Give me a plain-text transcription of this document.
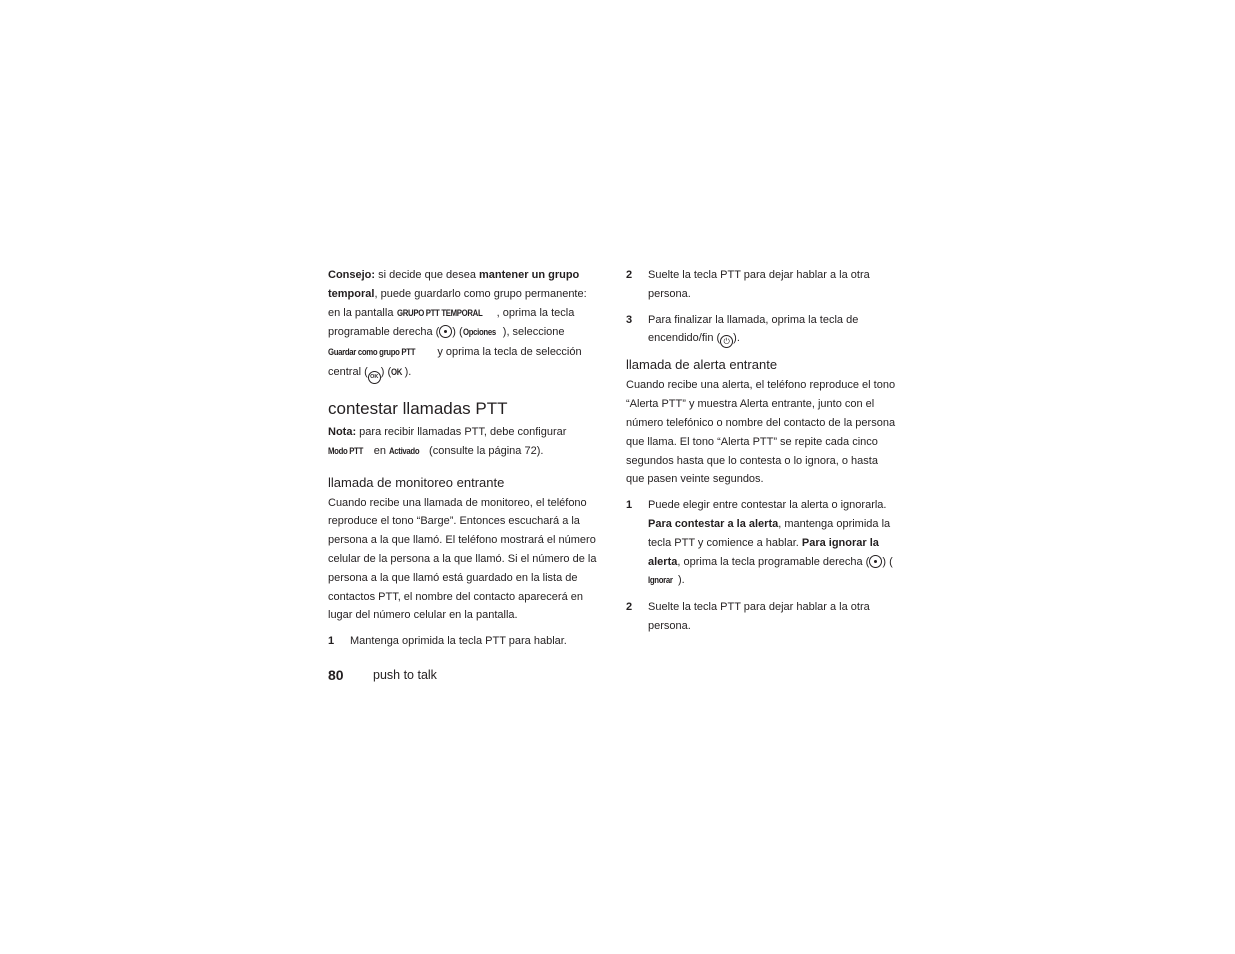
Consejo: si decide que desea mantener un grupo temporal, puede guardarlo como grupo permanente: en la pantalla GRUPO PTT TEMPORAL , oprima la tecla programable derecha ( ) (Opciones ), seleccione Guardar como grupo PTT y oprima la tecla de selección central ( OK ) (OK ).

contestar llamadas PTT

Nota: para recibir llamadas PTT, debe configurar Modo PTT en Activado (consulte la página 72).

llamada de monitoreo entrante

Cuando recibe una llamada de monitoreo, el teléfono reproduce el tono “Barge”. Entonces escuchará a la persona a la que llamó. El teléfono mostrará el número celular de la persona a la que llamó. Si el número de la persona a la que llamó está guardado en la lista de contactos PTT, el nombre del contacto aparecerá en lugar del número celular en la pantalla.

1 Mantenga oprimida la tecla PTT para hablar.
2 Suelte la tecla PTT para dejar hablar a la otra persona.
3 Para finalizar la llamada, oprima la tecla de encendido/fin ( ⏻ ).
llamada de alerta entrante

Cuando recibe una alerta, el teléfono reproduce el tono “Alerta PTT” y muestra Alerta entrante, junto con el número telefónico o nombre del contacto de la persona que llama. El tono “Alerta PTT” se repite cada cinco segundos hasta que lo contesta o lo ignora, o hasta que pasen veinte segundos.

1 Puede elegir entre contestar la alerta o ignorarla. Para contestar a la alerta, mantenga oprimida la tecla PTT y comience a hablar. Para ignorar la alerta, oprima la tecla programable derecha ( ) (Ignorar ).
2 Suelte la tecla PTT para dejar hablar a la otra persona.
80 push to talk
